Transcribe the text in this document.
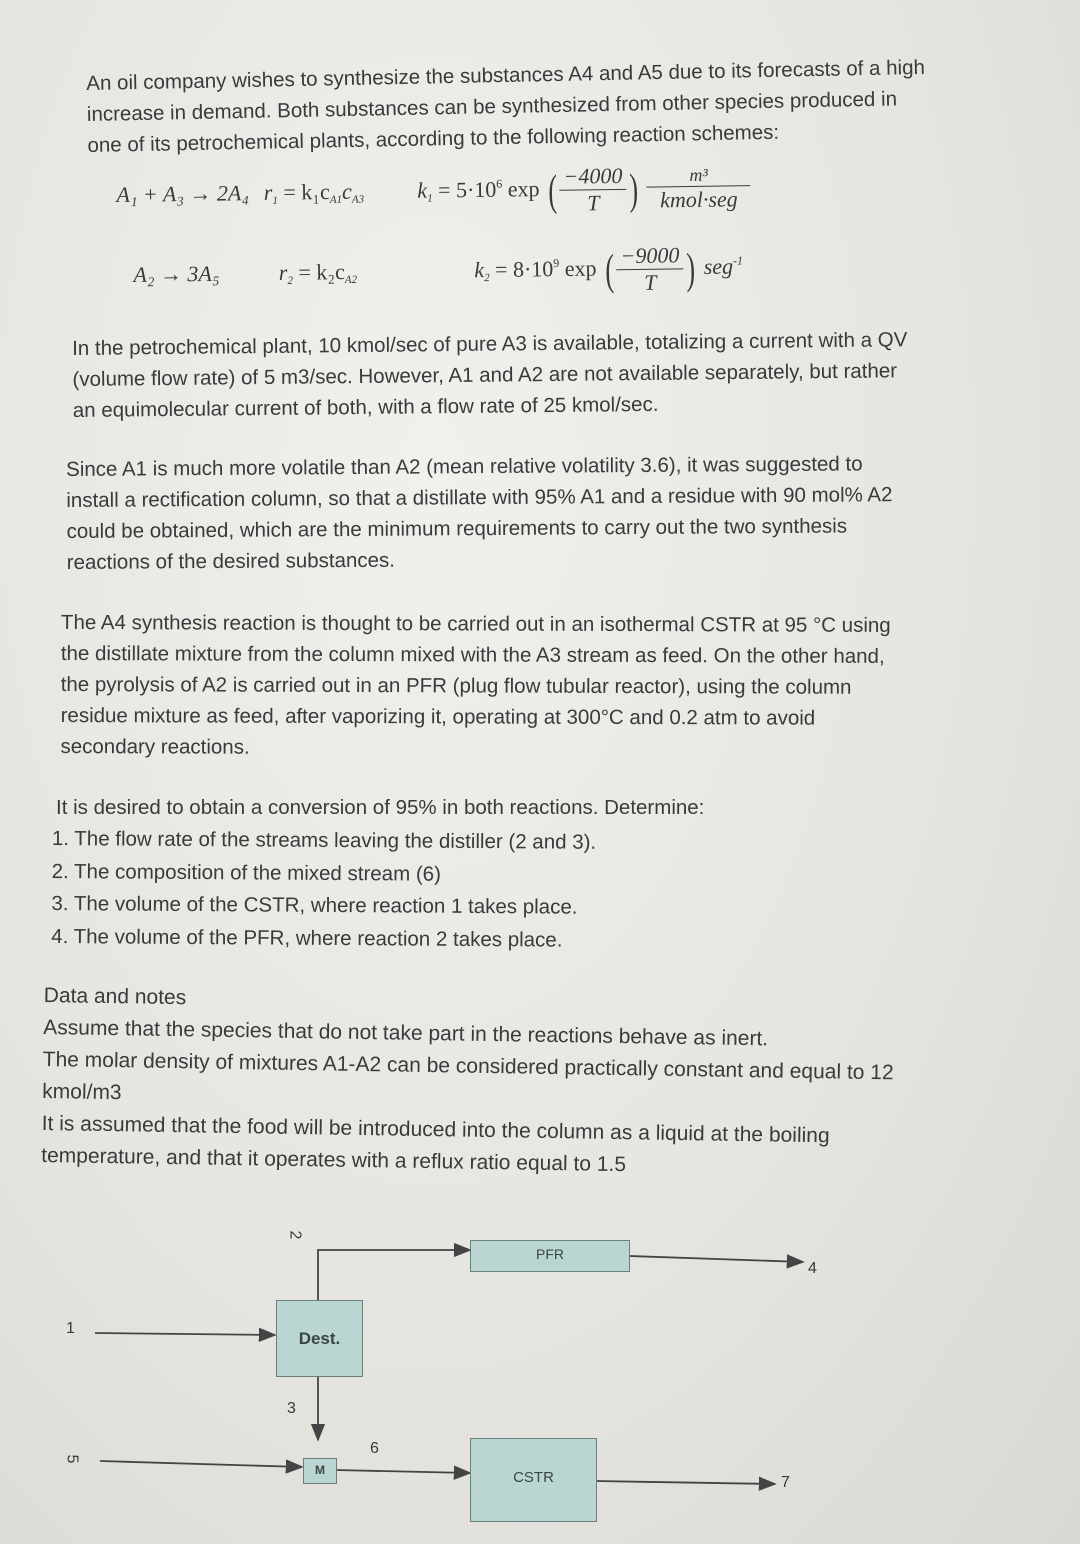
An oil company wishes to synthesize the substances A4 and A5 due to its forecasts of a high
increase in demand. Both substances can be synthesized from other species produced in
one of its petrochemical plants, according to the following reaction schemes:

A₁ + A₃ → 2A₄ $r_1 = k_1c_{A1}c_{A3}$ $k_1 = 5\cdot 10^6$ exp ( $\frac{-4000}{T}$ ) $\frac{\text{m³}}{\text{kmol·seg}}$
A₂ → 3A₅	$r_2 = k_2c_{A2}$	$k_2 = 8\cdot 10^9$ exp ( $\frac{-9000}{T}$ ) seg$^{-1}$

In the petrochemical plant, 10 kmol/sec of pure A3 is available, totalizing a current with a QV
(volume flow rate) of 5 m3/sec. However, A1 and A2 are not available separately, but rather
an equimolecular current of both, with a flow rate of 25 kmol/sec.

Since A1 is much more volatile than A2 (mean relative volatility 3.6), it was suggested to
install a rectification column, so that a distillate with 95% A1 and a residue with 90 mol% A2
could be obtained, which are the minimum requirements to carry out the two synthesis
reactions of the desired substances.

The A4 synthesis reaction is thought to be carried out in an isothermal CSTR at 95 °C using
the distillate mixture from the column mixed with the A3 stream as feed. On the other hand,
the pyrolysis of A2 is carried out in an PFR (plug flow tubular reactor), using the column
residue mixture as feed, after vaporizing it, operating at 300°C and 0.2 atm to avoid
secondary reactions.

It is desired to obtain a conversion of 95% in both reactions. Determine:

1. The flow rate of the streams leaving the distiller (2 and 3).
2. The composition of the mixed stream (6)
3. The volume of the CSTR, where reaction 1 takes place.
4. The volume of the PFR, where reaction 2 takes place.

Data and notes
Assume that the species that do not take part in the reactions behave as inert.
The molar density of mixtures A1-A2 can be considered practically constant and equal to 12
kmol/m3
It is assumed that the food will be introduced into the column as a liquid at the boiling
temperature, and that it operates with a reflux ratio equal to 1.5

PFR
Dest.
M	CSTR
1
2
3
4
5
6
7
